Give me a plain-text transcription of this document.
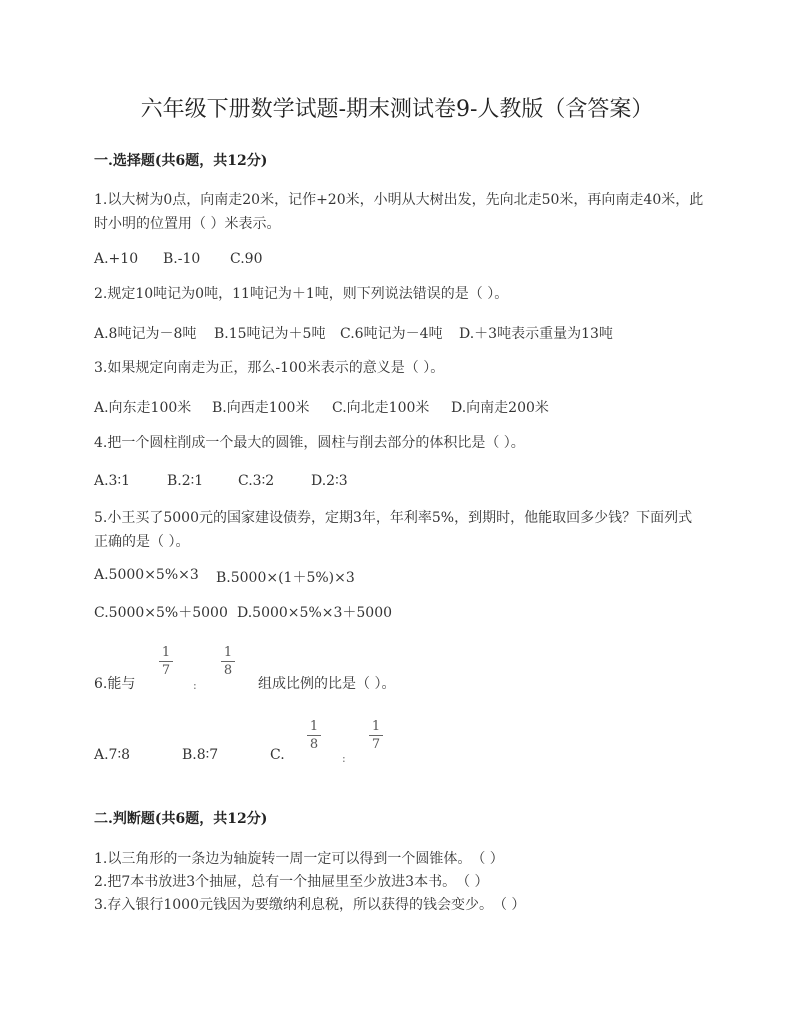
六年级下册数学试题-期末测试卷9-人教版（含答案）
一.选择题(共6题，共12分)
1.以大树为0点，向南走20米，记作+20米，小明从大树出发，先向北走50米，再向南走40米，此时小明的位置用（ ）米表示。
A.+10 B.-10 C.90
2.规定10吨记为0吨，11吨记为＋1吨，则下列说法错误的是（ ）。
A.8吨记为－8吨 B.15吨记为＋5吨 C.6吨记为－4吨 D.＋3吨表示重量为13吨
3.如果规定向南走为正，那么-100米表示的意义是（ ）。
A.向东走100米 B.向西走100米 C.向北走100米 D.向南走200米
4.把一个圆柱削成一个最大的圆锥，圆柱与削去部分的体积比是（ ）。
A.3∶1	B.2∶1 C.3∶2	D.2∶3
5.小王买了5000元的国家建设债券，定期3年，年利率5%，到期时，他能取回多少钱？下面列式正确的是（ ）。
A.5000×5%×3 B.5000×(1＋5%)×3
C.5000×5%＋5000 D.5000×5%×3＋5000
1
7
:
1
8
6.能与	组成比例的比是（ ）。
A.7∶8	B.8∶7	C.
1
8
:
1
7
二.判断题(共6题，共12分)
1.以三角形的一条边为轴旋转一周一定可以得到一个圆锥体。　（ ）
2.把7本书放进3个抽屉，总有一个抽屉里至少放进3本书。　（ ）
3.存入银行1000元钱因为要缴纳利息税，所以获得的钱会变少。　（ ）
